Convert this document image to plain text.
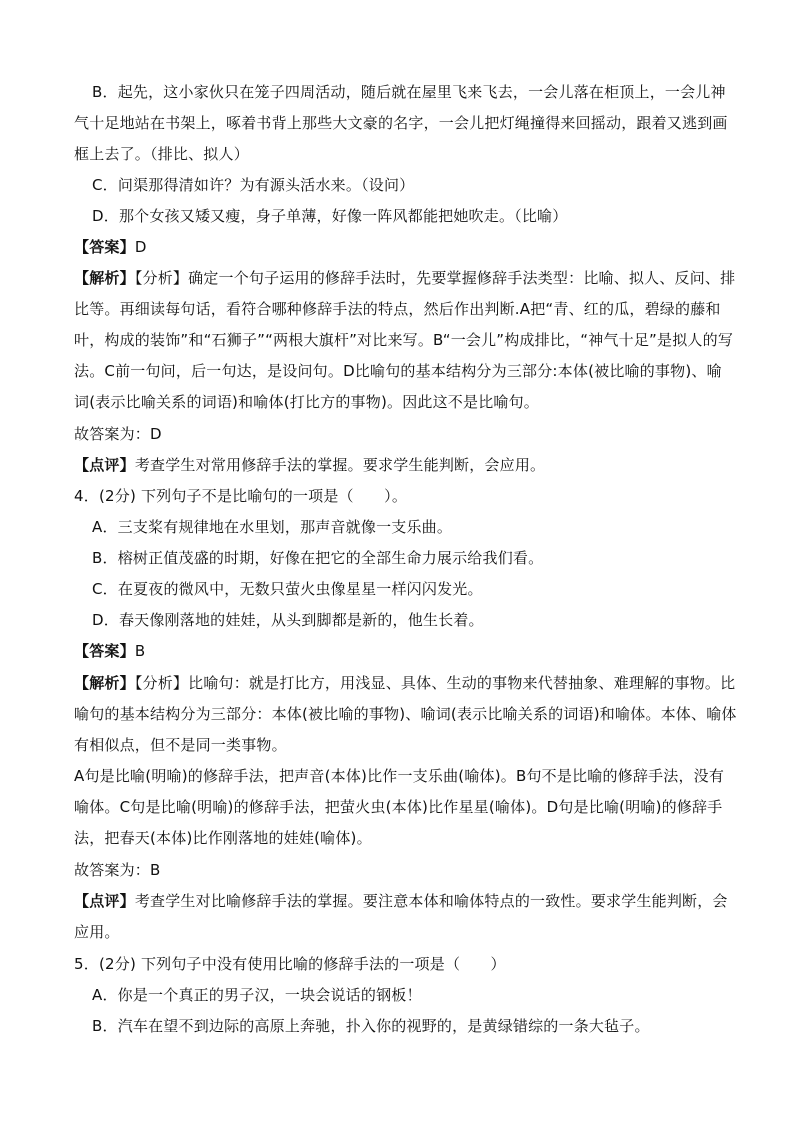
B．起先，这小家伙只在笼子四周活动，随后就在屋里飞来飞去，一会儿落在柜顶上，一会儿神
气十足地站在书架上，啄着书背上那些大文豪的名字，一会儿把灯绳撞得来回摇动，跟着又逃到画
框上去了。（排比、拟人）
C．问渠那得清如许？为有源头活水来。（设问）
D．那个女孩又矮又瘦，身子单薄，好像一阵风都能把她吹走。（比喻）
【答案】D
【解析】【分析】确定一个句子运用的修辞手法时，先要掌握修辞手法类型：比喻、拟人、反问、排
比等。再细读每句话，看符合哪种修辞手法的特点，然后作出判断.A把“青、红的瓜，碧绿的藤和
叶，构成的装饰”和“石狮子”“两根大旗杆”对比来写。B“一会儿”构成排比，“神气十足”是拟人的写
法。C前一句问，后一句达，是设问句。D比喻句的基本结构分为三部分:本体(被比喻的事物)、喻
词(表示比喻关系的词语)和喻体(打比方的事物)。因此这不是比喻句。
故答案为：D
【点评】考查学生对常用修辞手法的掌握。要求学生能判断，会应用。
4．(2分) 下列句子不是比喻句的一项是（　　）。
A．三支桨有规律地在水里划，那声音就像一支乐曲。
B．榕树正值茂盛的时期，好像在把它的全部生命力展示给我们看。
C．在夏夜的微风中，无数只萤火虫像星星一样闪闪发光。
D．春天像刚落地的娃娃，从头到脚都是新的，他生长着。
【答案】B
【解析】【分析】比喻句：就是打比方，用浅显、具体、生动的事物来代替抽象、难理解的事物。比
喻句的基本结构分为三部分：本体(被比喻的事物)、喻词(表示比喻关系的词语)和喻体。本体、喻体
有相似点，但不是同一类事物。
A句是比喻(明喻)的修辞手法，把声音(本体)比作一支乐曲(喻体)。B句不是比喻的修辞手法，没有
喻体。C句是比喻(明喻)的修辞手法，把萤火虫(本体)比作星星(喻体)。D句是比喻(明喻)的修辞手
法，把春天(本体)比作刚落地的娃娃(喻体)。
故答案为：B
【点评】考查学生对比喻修辞手法的掌握。要注意本体和喻体特点的一致性。要求学生能判断，会
应用。
5．(2分) 下列句子中没有使用比喻的修辞手法的一项是（　　）
A．你是一个真正的男子汉，一块会说话的钢板！
B．汽车在望不到边际的高原上奔驰，扑入你的视野的，是黄绿错综的一条大毡子。
